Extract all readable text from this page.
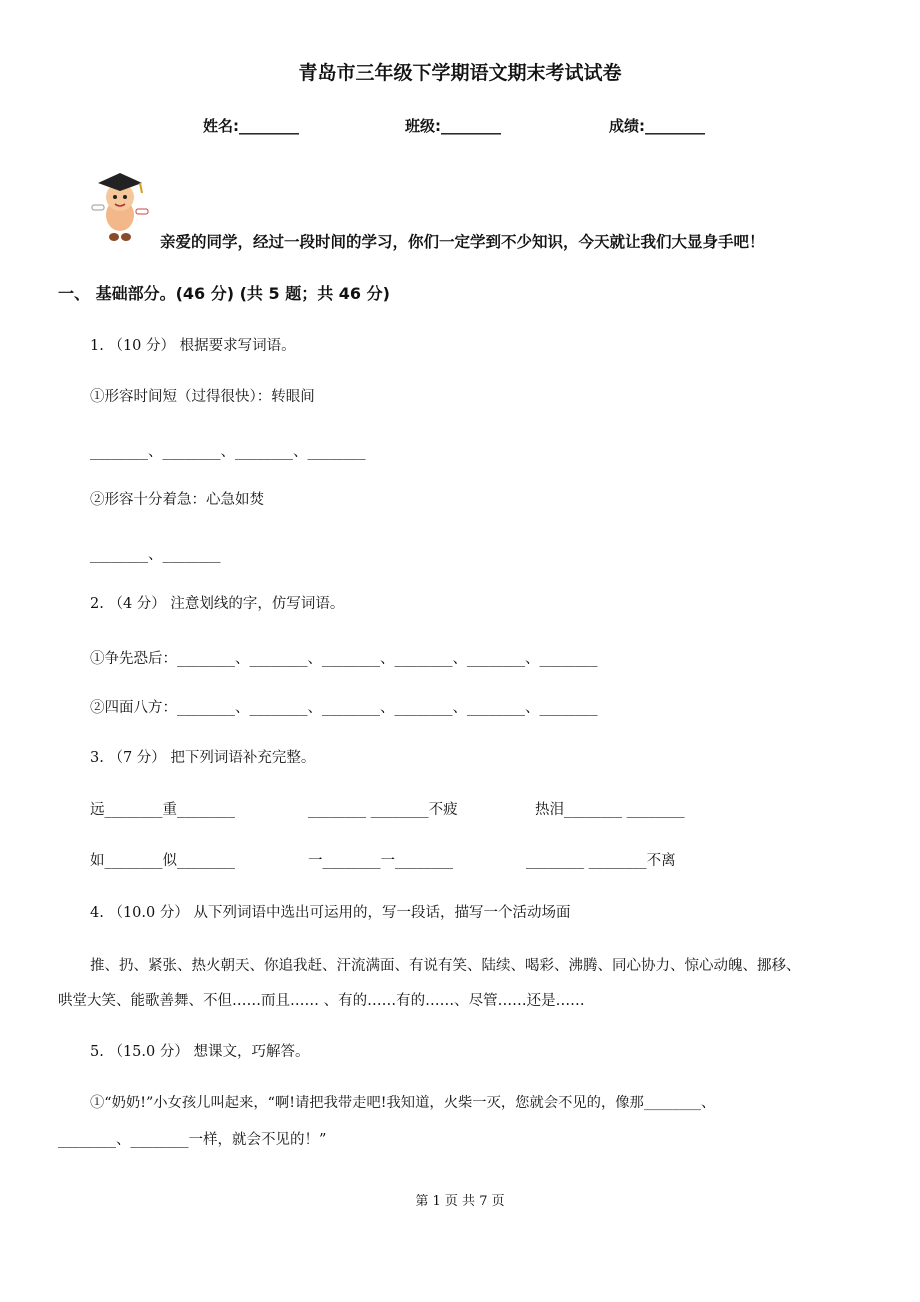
青岛市三年级下学期语文期末考试试卷
姓名:________	班级:________	成绩:________
亲爱的同学，经过一段时间的学习，你们一定学到不少知识，今天就让我们大显身手吧！
一、 基础部分。(46 分) (共 5 题；共 46 分)
1. （10 分） 根据要求写词语。
①形容时间短（过得很快）：转眼间
________、________、________、________
②形容十分着急：心急如焚
________、________
2. （4 分） 注意划线的字，仿写词语。
①争先恐后：________、________、________、________、________、________
②四面八方：________、________、________、________、________、________
3. （7 分） 把下列词语补充完整。
远________重________	________ ________不疲	热泪________ ________
如________似________	一________一________	________ ________不离
4. （10.0 分） 从下列词语中选出可运用的，写一段话，描写一个活动场面
推、扔、紧张、热火朝天、你追我赶、汗流满面、有说有笑、陆续、喝彩、沸腾、同心协力、惊心动魄、挪移、
哄堂大笑、能歌善舞、不但……而且…… 、有的……有的……、尽管……还是……
5. （15.0 分） 想课文，巧解答。
①“奶奶!”小女孩儿叫起来，“啊!请把我带走吧!我知道，火柴一灭，您就会不见的，像那________、
________、________一样，就会不见的！”
第 1 页 共 7 页
